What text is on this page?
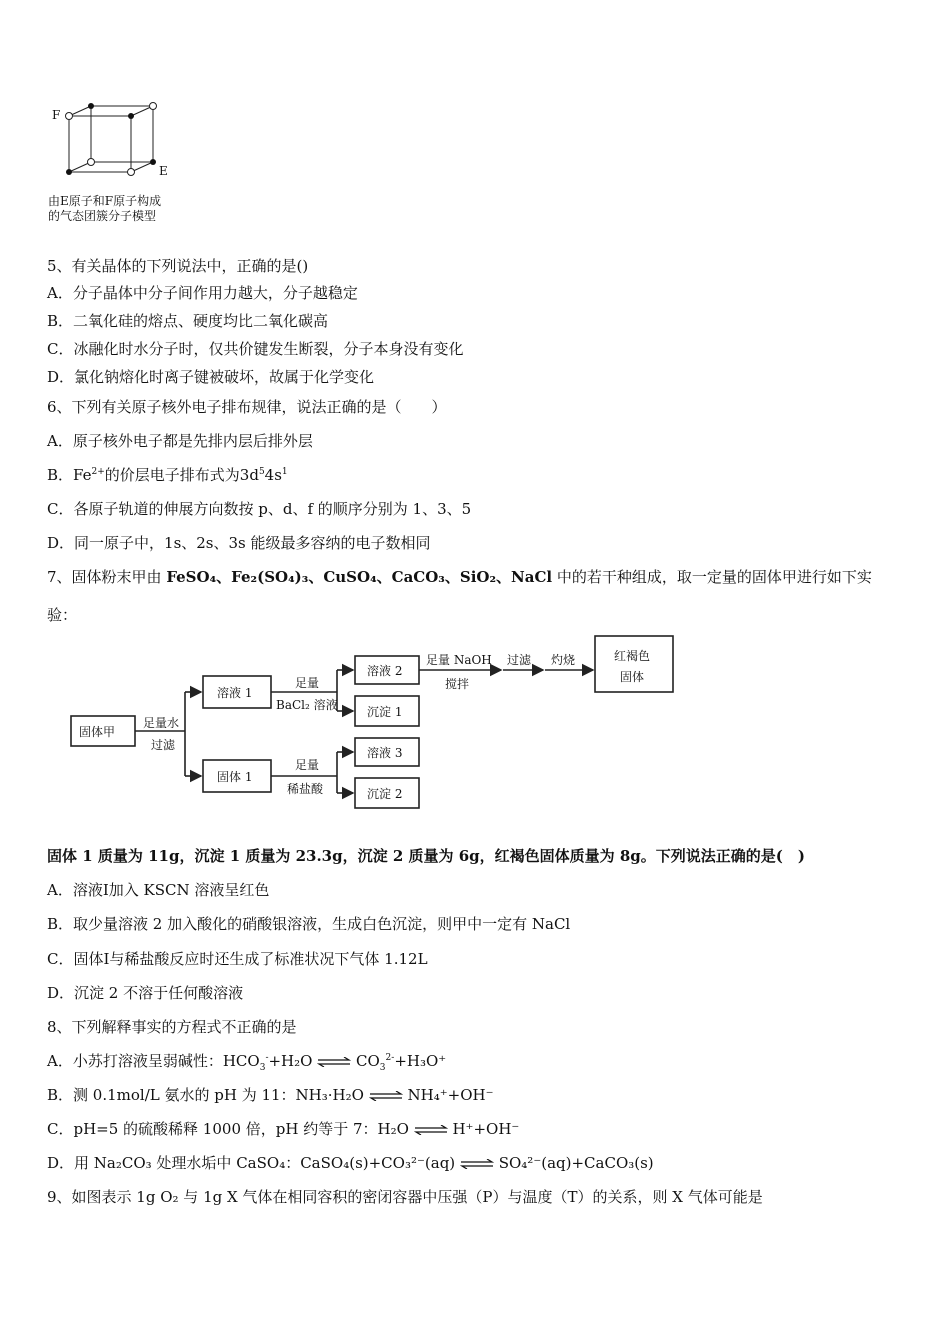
F
E
由E原子和F原子构成
的气态团簇分子模型
5、有关晶体的下列说法中，正确的是()
A．分子晶体中分子间作用力越大，分子越稳定
B．二氧化硅的熔点、硬度均比二氧化碳高
C．冰融化时水分子时，仅共价键发生断裂，分子本身没有变化
D．氯化钠熔化时离子键被破坏，故属于化学变化
6、下列有关原子核外电子排布规律，说法正确的是（　　）
A．原子核外电子都是先排内层后排外层
B．$Fe^{2+}$的价层电子排布式为$3d^54s^1$
C．各原子轨道的伸展方向数按 p、d、f 的顺序分别为 1、3、5
D．同一原子中，1s、2s、3s 能级最多容纳的电子数相同
7、固体粉末甲由 FeSO₄、Fe₂(SO₄)₃、CuSO₄、CaCO₃、SiO₂、NaCl 中的若干种组成，取一定量的固体甲进行如下实
验：
固体甲
足量水
过滤
溶液 1
固体 1
足量
BaCl₂ 溶液
足量
稀盐酸
溶液 2
沉淀 1
溶液 3
沉淀 2
足量 NaOH
搅拌
过滤 灼烧	红褐色
固体
固体 1 质量为 11g，沉淀 1 质量为 23.3g，沉淀 2 质量为 6g，红褐色固体质量为 8g。下列说法正确的是(　)
A．溶液Ⅰ加入 KSCN 溶液呈红色
B．取少量溶液 2 加入酸化的硝酸银溶液，生成白色沉淀，则甲中一定有 NaCl
C．固体Ⅰ与稀盐酸反应时还生成了标准状况下气体 1.12L
D．沉淀 2 不溶于任何酸溶液
8、下列解释事实的方程式不正确的是
A．小苏打溶液呈弱碱性：$HCO_3^-+H_2O$ ⇌ $CO_3^{2-}+H_3O^+$
B．测 0.1mol/L 氨水的 pH 为 11：NH₃·H₂O ⇌ NH₄⁺+OH⁻
C．pH=5 的硫酸稀释 1000 倍，pH 约等于 7：H₂O ⇌ H⁺+OH⁻
D．用 Na₂CO₃ 处理水垢中 CaSO₄：CaSO₄(s)+CO₃²⁻(aq) ⇌ SO₄²⁻(aq)+CaCO₃(s)
9、如图表示 1g O₂ 与 1g X 气体在相同容积的密闭容器中压强（P）与温度（T）的关系，则 X 气体可能是
